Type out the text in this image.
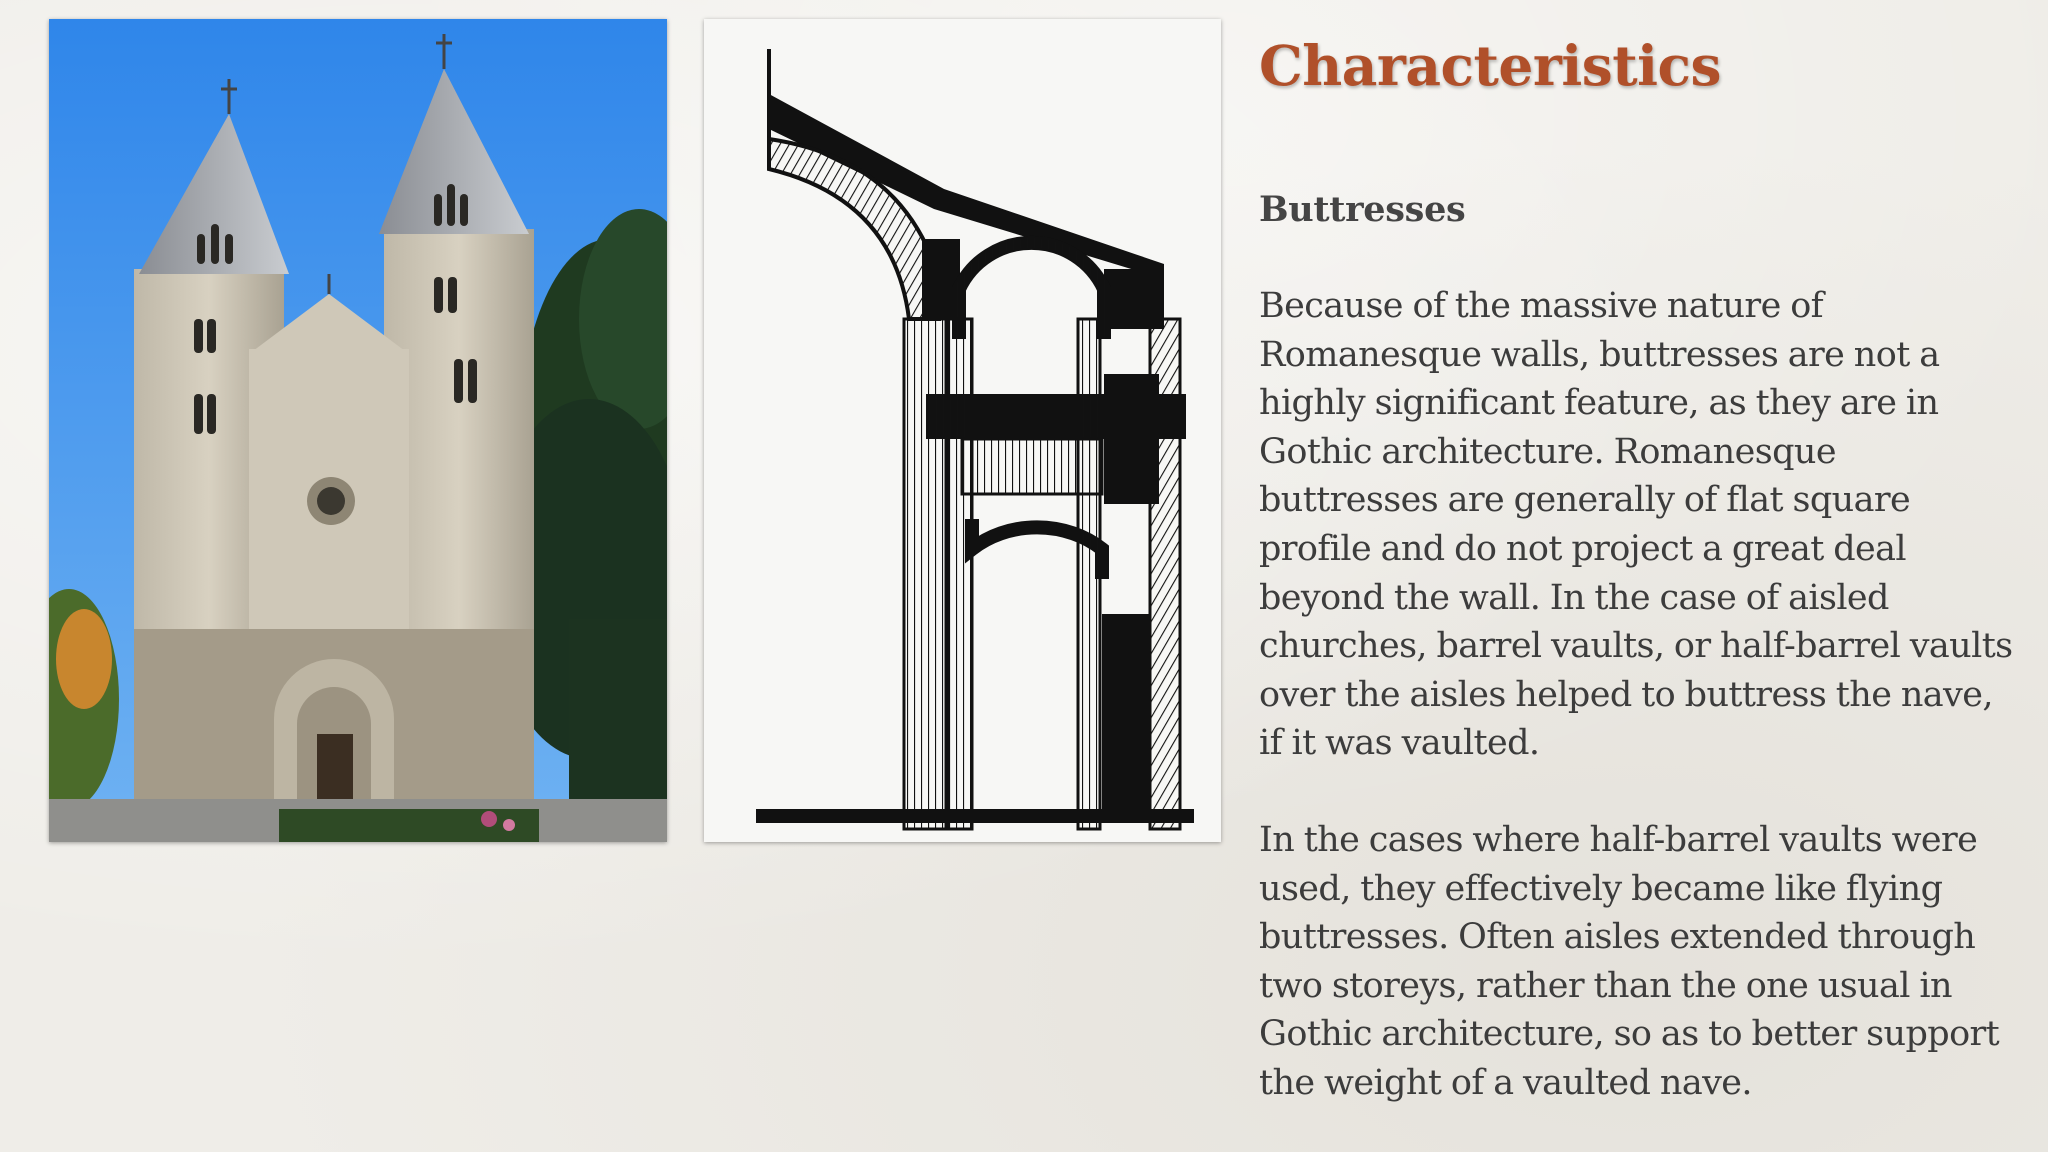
Characteristics
Buttresses

Because of the massive nature of Romanesque walls, buttresses are not a highly significant feature, as they are in Gothic architecture. Romanesque buttresses are generally of flat square profile and do not project a great deal beyond the wall. In the case of aisled churches, barrel vaults, or half-barrel vaults over the aisles helped to buttress the nave, if it was vaulted.

In the cases where half-barrel vaults were used, they effectively became like flying buttresses. Often aisles extended through two storeys, rather than the one usual in Gothic architecture, so as to better support the weight of a vaulted nave.
